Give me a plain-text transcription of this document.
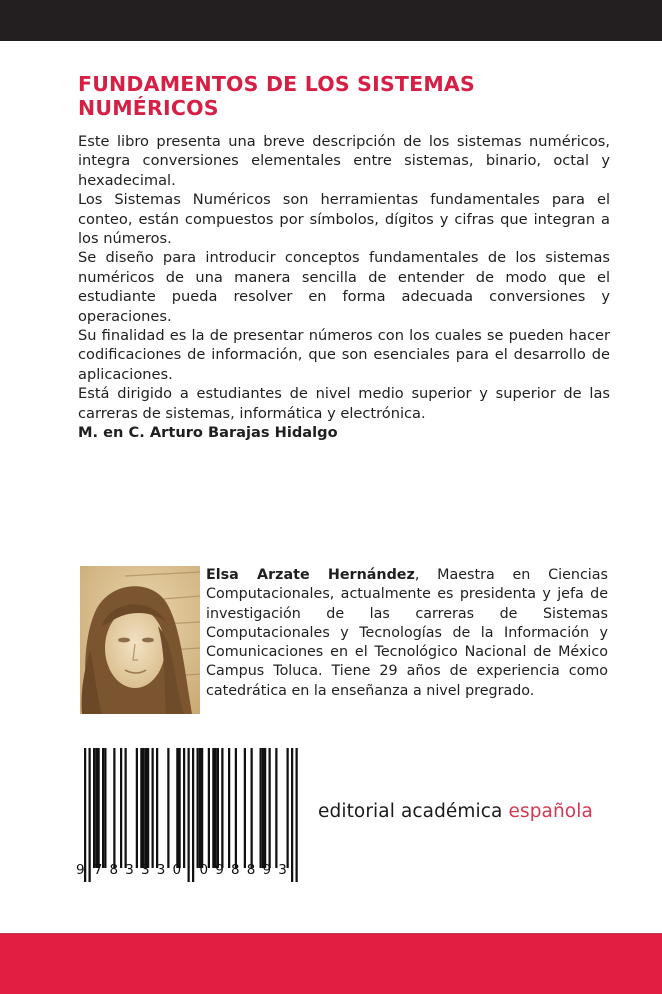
FUNDAMENTOS DE LOS SISTEMAS
NUMÉRICOS

Este libro presenta una breve descripción de los sistemas numéricos, integra conversiones elementales entre sistemas, binario, octal y hexadecimal.

Los Sistemas Numéricos son herramientas fundamentales para el conteo, están compuestos por símbolos, dígitos y cifras que integran a los números.

Se diseño para introducir conceptos fundamentales de los sistemas numéricos de una manera sencilla de entender de modo que el estudiante pueda resolver en forma adecuada conversiones y operaciones.

Su finalidad es la de presentar números con los cuales se pueden hacer codificaciones de información, que son esenciales para el desarrollo de aplicaciones.

Está dirigido a estudiantes de nivel medio superior y superior de las carreras de sistemas, informática y electrónica.

M. en C. Arturo Barajas Hidalgo

Elsa Arzate Hernández, Maestra en Ciencias Computacionales, actualmente es presidenta y jefa de investigación de las carreras de Sistemas Computacionales y Tecnologías de la Información y Comunicaciones en el Tecnológico Nacional de México Campus Toluca. Tiene 29 años de experiencia como catedrática en la enseñanza a nivel pregrado.

9 7 8 3 3 3 0 0 9 8 8 9 3
editorial académica española
